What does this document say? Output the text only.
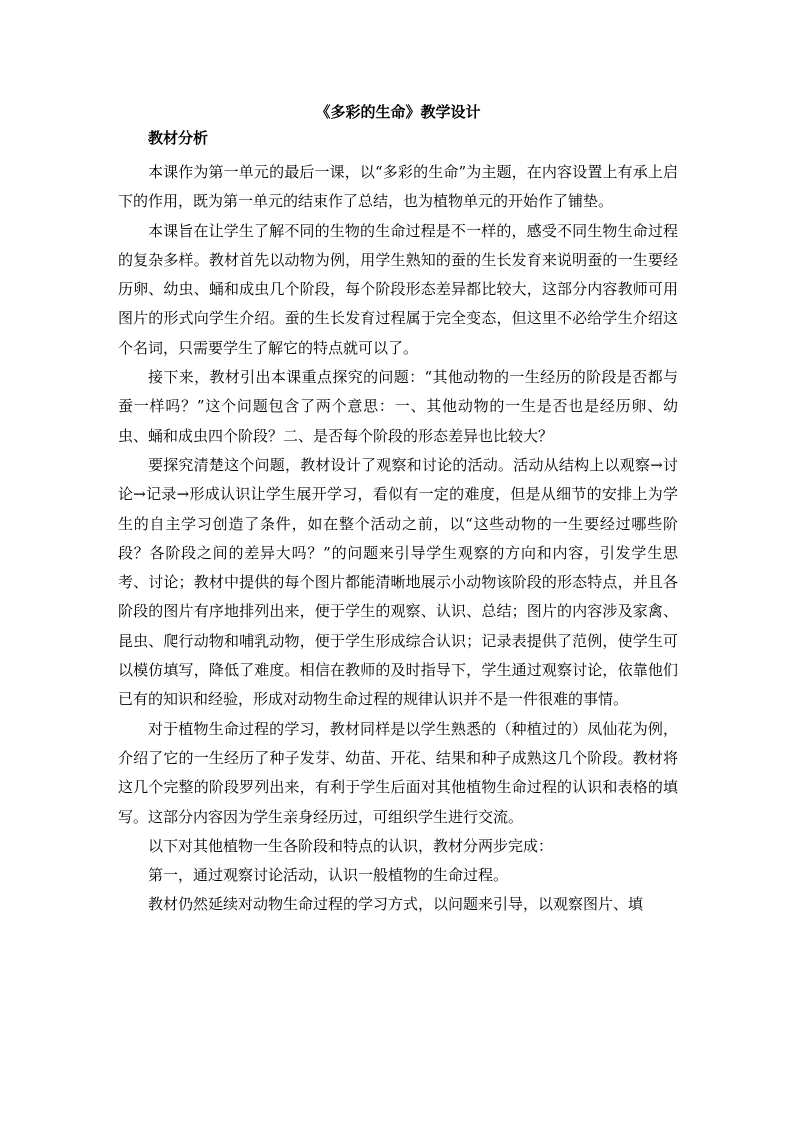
《多彩的生命》教学设计
教材分析

本课作为第一单元的最后一课，以“多彩的生命”为主题，在内容设置上有承上启下的作用，既为第一单元的结束作了总结，也为植物单元的开始作了铺垫。

本课旨在让学生了解不同的生物的生命过程是不一样的，感受不同生物生命过程的复杂多样。教材首先以动物为例，用学生熟知的蚕的生长发育来说明蚕的一生要经历卵、幼虫、蛹和成虫几个阶段，每个阶段形态差异都比较大，这部分内容教师可用图片的形式向学生介绍。蚕的生长发育过程属于完全变态，但这里不必给学生介绍这个名词，只需要学生了解它的特点就可以了。

接下来，教材引出本课重点探究的问题：“其他动物的一生经历的阶段是否都与蚕一样吗？”这个问题包含了两个意思：一、其他动物的一生是否也是经历卵、幼虫、蛹和成虫四个阶段？二、是否每个阶段的形态差异也比较大？

要探究清楚这个问题，教材设计了观察和讨论的活动。活动从结构上以观察→讨论→记录→形成认识让学生展开学习，看似有一定的难度，但是从细节的安排上为学生的自主学习创造了条件，如在整个活动之前，以“这些动物的一生要经过哪些阶段？各阶段之间的差异大吗？”的问题来引导学生观察的方向和内容，引发学生思考、讨论；教材中提供的每个图片都能清晰地展示小动物该阶段的形态特点，并且各阶段的图片有序地排列出来，便于学生的观察、认识、总结；图片的内容涉及家禽、昆虫、爬行动物和哺乳动物，便于学生形成综合认识；记录表提供了范例，使学生可以模仿填写，降低了难度。相信在教师的及时指导下，学生通过观察讨论，依靠他们已有的知识和经验，形成对动物生命过程的规律认识并不是一件很难的事情。

对于植物生命过程的学习，教材同样是以学生熟悉的（种植过的）凤仙花为例，介绍了它的一生经历了种子发芽、幼苗、开花、结果和种子成熟这几个阶段。教材将这几个完整的阶段罗列出来，有利于学生后面对其他植物生命过程的认识和表格的填写。这部分内容因为学生亲身经历过，可组织学生进行交流。

以下对其他植物一生各阶段和特点的认识，教材分两步完成：

第一，通过观察讨论活动，认识一般植物的生命过程。

教材仍然延续对动物生命过程的学习方式，以问题来引导，以观察图片、填
